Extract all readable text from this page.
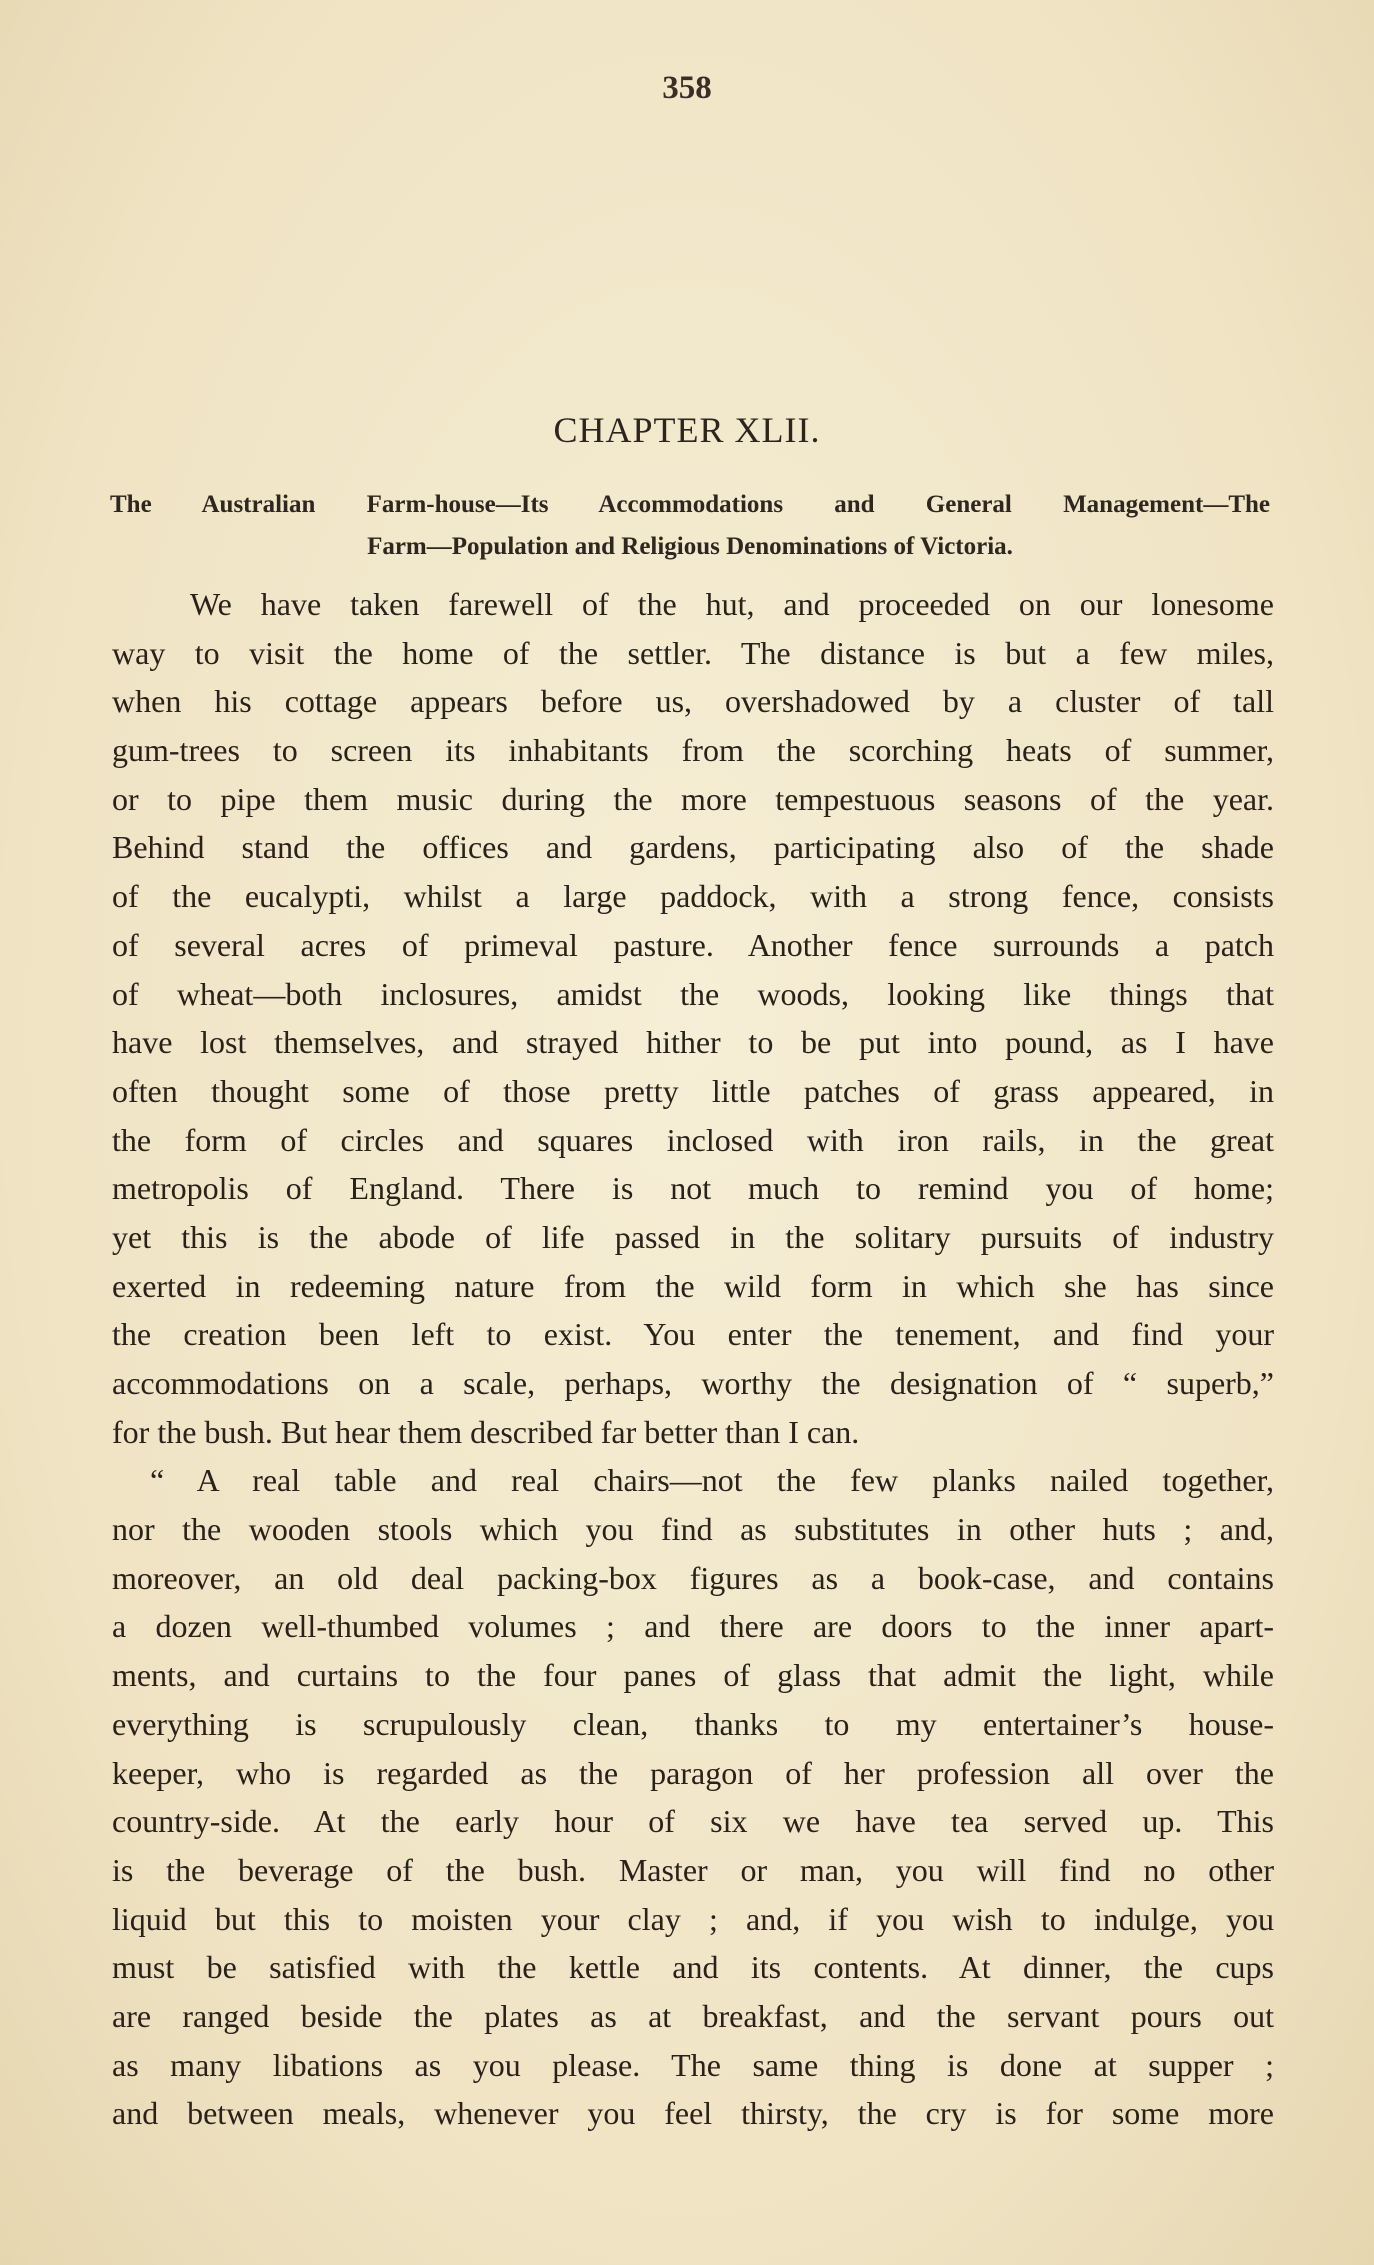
358
CHAPTER XLII.
The Australian Farm-house—Its Accommodations and General Management—The
Farm—Population and Religious Denominations of Victoria.
We have taken farewell of the hut, and proceeded on our lonesome
way to visit the home of the settler. The distance is but a few miles,
when his cottage appears before us, overshadowed by a cluster of tall
gum-trees to screen its inhabitants from the scorching heats of summer,
or to pipe them music during the more tempestuous seasons of the year.
Behind stand the offices and gardens, participating also of the shade
of the eucalypti, whilst a large paddock, with a strong fence, consists
of several acres of primeval pasture. Another fence surrounds a patch
of wheat—both inclosures, amidst the woods, looking like things that
have lost themselves, and strayed hither to be put into pound, as I have
often thought some of those pretty little patches of grass appeared, in
the form of circles and squares inclosed with iron rails, in the great
metropolis of England. There is not much to remind you of home;
yet this is the abode of life passed in the solitary pursuits of industry
exerted in redeeming nature from the wild form in which she has since
the creation been left to exist. You enter the tenement, and find your
accommodations on a scale, perhaps, worthy the designation of “ superb,”
for the bush. But hear them described far better than I can.
“ A real table and real chairs—not the few planks nailed together,
nor the wooden stools which you find as substitutes in other huts ; and,
moreover, an old deal packing-box figures as a book-case, and contains
a dozen well-thumbed volumes ; and there are doors to the inner apart-
ments, and curtains to the four panes of glass that admit the light, while
everything is scrupulously clean, thanks to my entertainer’s house-
keeper, who is regarded as the paragon of her profession all over the
country-side. At the early hour of six we have tea served up. This
is the beverage of the bush. Master or man, you will find no other
liquid but this to moisten your clay ; and, if you wish to indulge, you
must be satisfied with the kettle and its contents. At dinner, the cups
are ranged beside the plates as at breakfast, and the servant pours out
as many libations as you please. The same thing is done at supper ;
and between meals, whenever you feel thirsty, the cry is for some more
